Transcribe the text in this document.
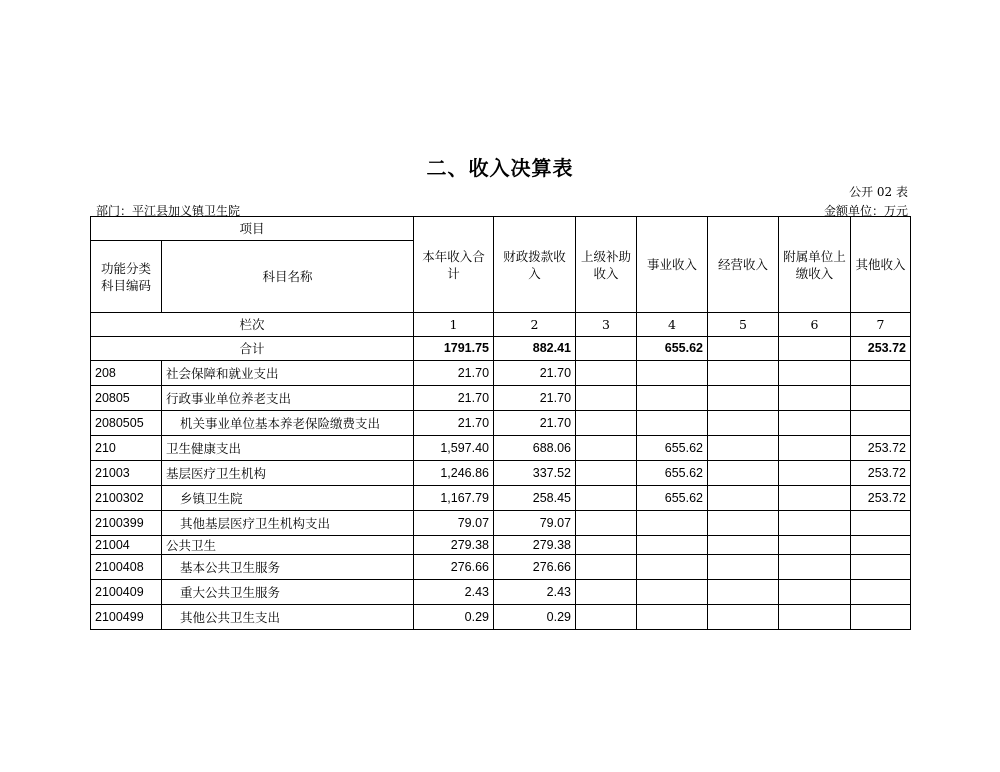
二、收入决算表
公开 02 表
部门：平江县加义镇卫生院	金额单位：万元
项目		本年收入合计	财政拨款收入	上级补助收入	事业收入	经营收入	附属单位上缴收入	其他收入
功能分类科目编码	科目名称							
栏次		1	2	3	4	5	6	7
合计		1791.75	882.41		655.62			253.72
208	社会保障和就业支出	21.70	21.70					
20805	行政事业单位养老支出	21.70	21.70					
2080505	机关事业单位基本养老保险缴费支出	21.70	21.70					
210	卫生健康支出	1,597.40	688.06		655.62			253.72
21003	基层医疗卫生机构	1,246.86	337.52		655.62			253.72
2100302	乡镇卫生院	1,167.79	258.45		655.62			253.72
2100399	其他基层医疗卫生机构支出	79.07	79.07					
21004	公共卫生	279.38	279.38					
2100408	基本公共卫生服务	276.66	276.66					
2100409	重大公共卫生服务	2.43	2.43					
2100499	其他公共卫生支出	0.29	0.29					
